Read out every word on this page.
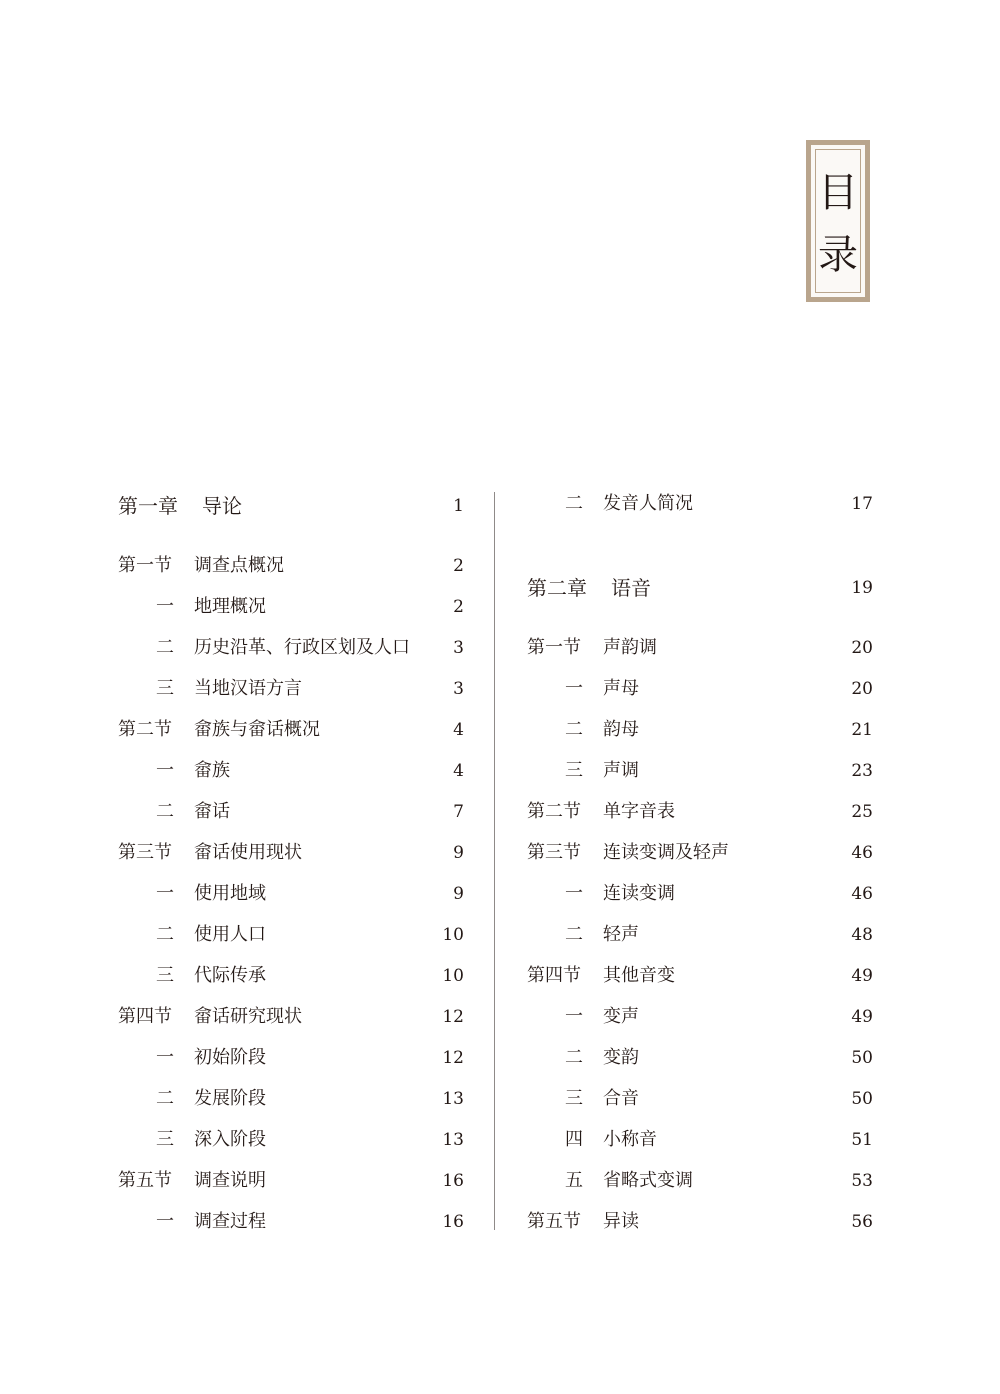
目
录
第一章 导论	1
第一节 调查点概况	2
一 地理概况	2
二 历史沿革、行政区划及人口	3
三 当地汉语方言	3
第二节 畲族与畲话概况	4
一 畲族	4
二 畲话	7
第三节 畲话使用现状	9
一 使用地域	9
二 使用人口	10
三 代际传承	10
第四节 畲话研究现状	12
一 初始阶段	12
二 发展阶段	13
三 深入阶段	13
第五节 调查说明	16
一 调查过程	16
二 发音人简况	17
第二章 语音	19
第一节 声韵调	20
一 声母	20
二 韵母	21
三 声调	23
第二节 单字音表	25
第三节 连读变调及轻声	46
一 连读变调	46
二 轻声	48
第四节 其他音变	49
一 变声	49
二 变韵	50
三 合音	50
四 小称音	51
五 省略式变调	53
第五节 异读	56
